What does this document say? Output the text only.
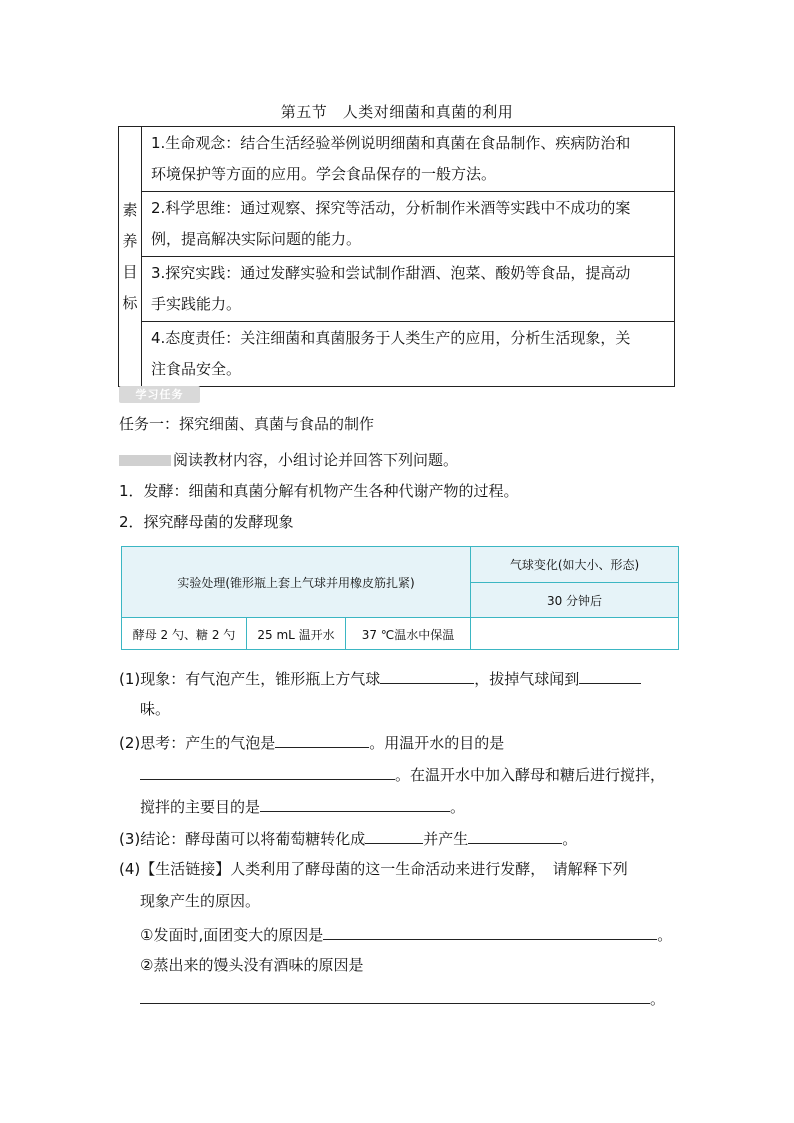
第五节　人类对细菌和真菌的利用
素
养
目
标

1.生命观念：结合生活经验举例说明细菌和真菌在食品制作、疾病防治和
环境保护等方面的应用。学会食品保存的一般方法。

2.科学思维：通过观察、探究等活动，分析制作米酒等实践中不成功的案
例，提高解决实际问题的能力。

3.探究实践：通过发酵实验和尝试制作甜酒、泡菜、酸奶等食品，提高动
手实践能力。

4.态度责任：关注细菌和真菌服务于人类生产的应用，分析生活现象，关
注食品安全。
学习任务
任务一：探究细菌、真菌与食品的制作
阅读教材内容，小组讨论并回答下列问题。
1．发酵：细菌和真菌分解有机物产生各种代谢产物的过程。
2．探究酵母菌的发酵现象
实验处理(锥形瓶上套上气球并用橡皮筋扎紧)
气球变化(如大小、形态)
30 分钟后
酵母 2 勺、糖 2 勺	25 mL 温开水	37 ℃温水中保温
(1)现象：有气泡产生，锥形瓶上方气球	，拔掉气球闻到
味。
(2)思考：产生的气泡是	。用温开水的目的是
。在温开水中加入酵母和糖后进行搅拌，
搅拌的主要目的是	。
(3)结论：酵母菌可以将葡萄糖转化成	并产生	。
(4)【生活链接】人类利用了酵母菌的这一生命活动来进行发酵，　请解释下列
现象产生的原因。
①发面时,面团变大的原因是	。
②蒸出来的馒头没有酒味的原因是
。
